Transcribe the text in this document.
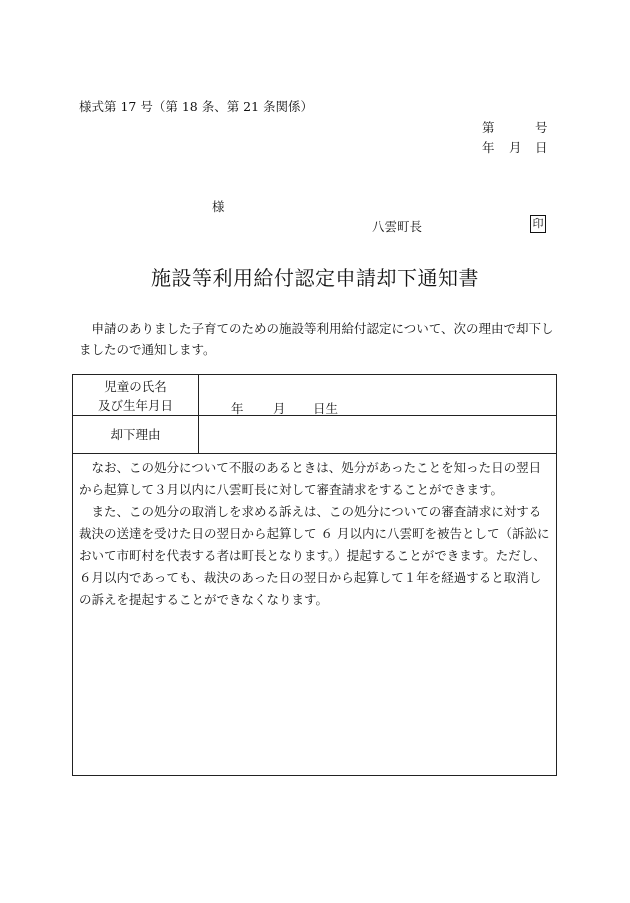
様式第 17 号（第 18 条、第 21 条関係）
第	号
年 月 日
様
八雲町長	印
施設等利用給付認定申請却下通知書
申請のありました子育てのための施設等利用給付認定について、次の理由で却下しましたので通知します。
児童の氏名
及び生年月日	年 月 日生
却下理由

なお、この処分について不服のあるときは、処分があったことを知った日の翌日から起算して３月以内に八雲町長に対して審査請求をすることができます。

また、この処分の取消しを求める訴えは、この処分についての審査請求に対する裁決の送達を受けた日の翌日から起算して ６ 月以内に八雲町を被告として（訴訟において市町村を代表する者は町長となります。）提起することができます。ただし、６月以内であっても、裁決のあった日の翌日から起算して１年を経過すると取消しの訴えを提起することができなくなります。
